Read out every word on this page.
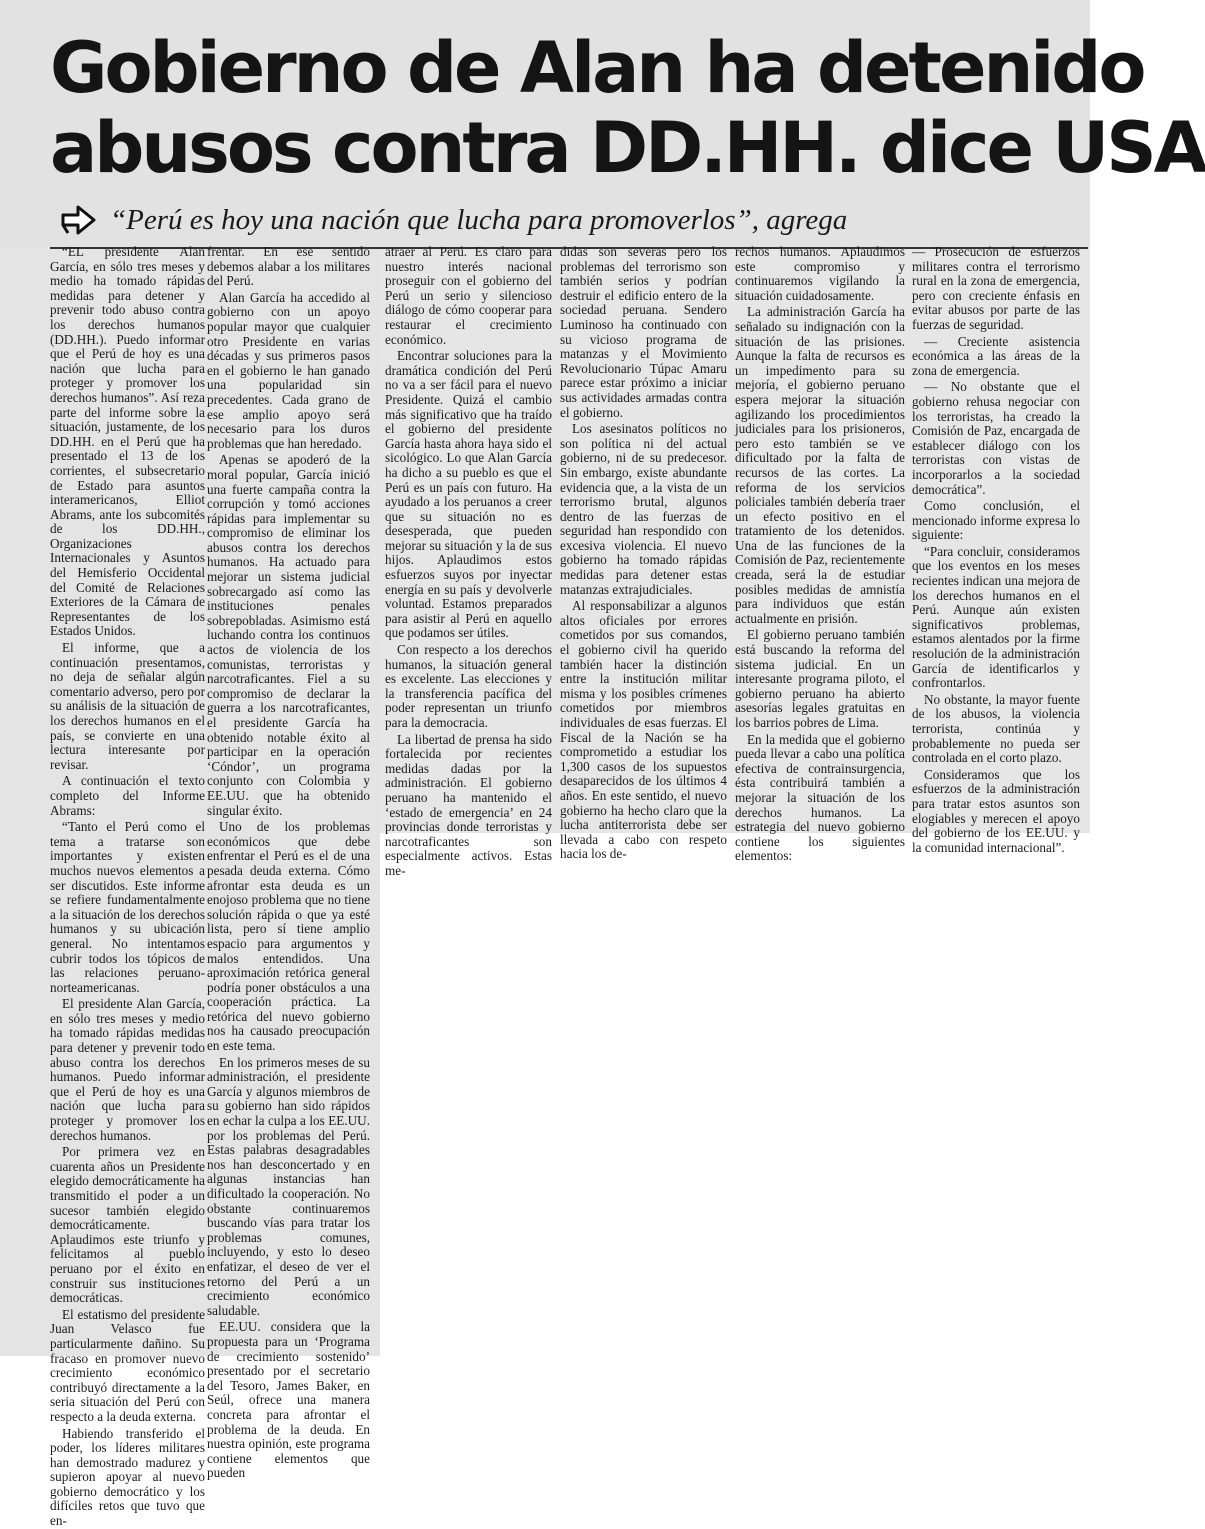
Gobierno de Alan ha detenido
abusos contra DD.HH. dice USA
“Perú es hoy una nación que lucha para promoverlos”, agrega

“EL presidente Alan García, en sólo tres meses y medio ha tomado rápidas medidas para detener y prevenir todo abuso contra los derechos humanos (DD.HH.). Puedo informar que el Perú de hoy es una nación que lucha para proteger y promover los derechos humanos”. Así reza parte del informe sobre la situación, justamente, de los DD.HH. en el Perú que ha presentado el 13 de los corrientes, el subsecretario de Estado para asuntos interamericanos, Elliot Abrams, ante los subcomités de los DD.HH., Organizaciones Internacionales y Asuntos del Hemisferio Occidental del Comité de Relaciones Exteriores de la Cámara de Representantes de los Estados Unidos.

El informe, que a continuación presentamos, no deja de señalar algún comentario adverso, pero por su análisis de la situación de los derechos humanos en el país, se convierte en una lectura interesante por revisar.

A continuación el texto completo del Informe Abrams:

“Tanto el Perú como el tema a tratarse son importantes y existen muchos nuevos elementos a ser discutidos. Este informe se refiere fundamentalmente a la situación de los derechos humanos y su ubicación general. No intentamos cubrir todos los tópicos de las relaciones peruano-norteamericanas.

El presidente Alan García, en sólo tres meses y medio ha tomado rápidas medidas para detener y prevenir todo abuso contra los derechos humanos. Puedo informar que el Perú de hoy es una nación que lucha para proteger y promover los derechos humanos.

Por primera vez en cuarenta años un Presidente elegido democráticamente ha transmitido el poder a un sucesor también elegido democráticamente. Aplaudimos este triunfo y felicitamos al pueblo peruano por el éxito en construir sus instituciones democráticas.

El estatismo del presidente Juan Velasco fue particularmente dañino. Su fracaso en promover nuevo crecimiento económico contribuyó directamente a la seria situación del Perú con respecto a la deuda externa.

Habiendo transferido el poder, los líderes militares han demostrado madurez y supieron apoyar al nuevo gobierno democrático y los difíciles retos que tuvo que en-

frentar. En ese sentido debemos alabar a los militares del Perú.

Alan García ha accedido al gobierno con un apoyo popular mayor que cualquier otro Presidente en varias décadas y sus primeros pasos en el gobierno le han ganado una popularidad sin precedentes. Cada grano de ese amplio apoyo será necesario para los duros problemas que han heredado.

Apenas se apoderó de la moral popular, García inició una fuerte campaña contra la corrupción y tomó acciones rápidas para implementar su compromiso de eliminar los abusos contra los derechos humanos. Ha actuado para mejorar un sistema judicial sobrecargado así como las instituciones penales sobrepobladas. Asimismo está luchando contra los continuos actos de violencia de los comunistas, terroristas y narcotraficantes. Fiel a su compromiso de declarar la guerra a los narcotraficantes, el presidente García ha obtenido notable éxito al participar en la operación ‘Cóndor’, un programa conjunto con Colombia y EE.UU. que ha obtenido singular éxito.

Uno de los problemas económicos que debe enfrentar el Perú es el de una pesada deuda externa. Cómo afrontar esta deuda es un enojoso problema que no tiene solución rápida o que ya esté lista, pero sí tiene amplio espacio para argumentos y malos entendidos. Una aproximación retórica general podría poner obstáculos a una cooperación práctica. La retórica del nuevo gobierno nos ha causado preocupación en este tema.

En los primeros meses de su administración, el presidente García y algunos miembros de su gobierno han sido rápidos en echar la culpa a los EE.UU. por los problemas del Perú. Estas palabras desagradables nos han desconcertado y en algunas instancias han dificultado la cooperación. No obstante continuaremos buscando vías para tratar los problemas comunes, incluyendo, y esto lo deseo enfatizar, el deseo de ver el retorno del Perú a un crecimiento económico saludable.

EE.UU. considera que la propuesta para un ‘Programa de crecimiento sostenido’ presentado por el secretario del Tesoro, James Baker, en Seúl, ofrece una manera concreta para afrontar el problema de la deuda. En nuestra opinión, este programa contiene elementos que pueden

atraer al Perú. Es claro para nuestro interés nacional proseguir con el gobierno del Perú un serio y silencioso diálogo de cómo cooperar para restaurar el crecimiento económico.

Encontrar soluciones para la dramática condición del Perú no va a ser fácil para el nuevo Presidente. Quizá el cambio más significativo que ha traído el gobierno del presidente García hasta ahora haya sido el sicológico. Lo que Alan García ha dicho a su pueblo es que el Perú es un país con futuro. Ha ayudado a los peruanos a creer que su situación no es desesperada, que pueden mejorar su situación y la de sus hijos. Aplaudimos estos esfuerzos suyos por inyectar energía en su país y devolverle voluntad. Estamos preparados para asistir al Perú en aquello que podamos ser útiles.

Con respecto a los derechos humanos, la situación general es excelente. Las elecciones y la transferencia pacífica del poder representan un triunfo para la democracia.

La libertad de prensa ha sido fortalecida por recientes medidas dadas por la administración. El gobierno peruano ha mantenido el ‘estado de emergencia’ en 24 provincias donde terroristas y narcotraficantes son especialmente activos. Estas me-

didas son severas pero los problemas del terrorismo son también serios y podrían destruir el edificio entero de la sociedad peruana. Sendero Luminoso ha continuado con su vicioso programa de matanzas y el Movimiento Revolucionario Túpac Amaru parece estar próximo a iniciar sus actividades armadas contra el gobierno.

Los asesinatos políticos no son política ni del actual gobierno, ni de su predecesor. Sin embargo, existe abundante evidencia que, a la vista de un terrorismo brutal, algunos dentro de las fuerzas de seguridad han respondido con excesiva violencia. El nuevo gobierno ha tomado rápidas medidas para detener estas matanzas extrajudiciales.

Al responsabilizar a algunos altos oficiales por errores cometidos por sus comandos, el gobierno civil ha querido también hacer la distinción entre la institución militar misma y los posibles crímenes cometidos por miembros individuales de esas fuerzas. El Fiscal de la Nación se ha comprometido a estudiar los 1,300 casos de los supuestos desaparecidos de los últimos 4 años. En este sentido, el nuevo gobierno ha hecho claro que la lucha antiterrorista debe ser llevada a cabo con respeto hacia los de-

rechos humanos. Aplaudimos este compromiso y continuaremos vigilando la situación cuidadosamente.

La administración García ha señalado su indignación con la situación de las prisiones. Aunque la falta de recursos es un impedimento para su mejoría, el gobierno peruano espera mejorar la situación agilizando los procedimientos judiciales para los prisioneros, pero esto también se ve dificultado por la falta de recursos de las cortes. La reforma de los servicios policiales también debería traer un efecto positivo en el tratamiento de los detenidos. Una de las funciones de la Comisión de Paz, recientemente creada, será la de estudiar posibles medidas de amnistía para individuos que están actualmente en prisión.

El gobierno peruano también está buscando la reforma del sistema judicial. En un interesante programa piloto, el gobierno peruano ha abierto asesorías legales gratuitas en los barrios pobres de Lima.

En la medida que el gobierno pueda llevar a cabo una política efectiva de contrainsurgencia, ésta contribuirá también a mejorar la situación de los derechos humanos. La estrategia del nuevo gobierno contiene los siguientes elementos:

— Prosecución de esfuerzos militares contra el terrorismo rural en la zona de emergencia, pero con creciente énfasis en evitar abusos por parte de las fuerzas de seguridad.

— Creciente asistencia económica a las áreas de la zona de emergencia.

— No obstante que el gobierno rehusa negociar con los terroristas, ha creado la Comisión de Paz, encargada de establecer diálogo con los terroristas con vistas de incorporarlos a la sociedad democrática”.

Como conclusión, el mencionado informe expresa lo siguiente:

“Para concluir, consideramos que los eventos en los meses recientes indican una mejora de los derechos humanos en el Perú. Aunque aún existen significativos problemas, estamos alentados por la firme resolución de la administración García de identificarlos y confrontarlos.

No obstante, la mayor fuente de los abusos, la violencia terrorista, continúa y probablemente no pueda ser controlada en el corto plazo.

Consideramos que los esfuerzos de la administración para tratar estos asuntos son elogiables y merecen el apoyo del gobierno de los EE.UU. y la comunidad internacional”.
